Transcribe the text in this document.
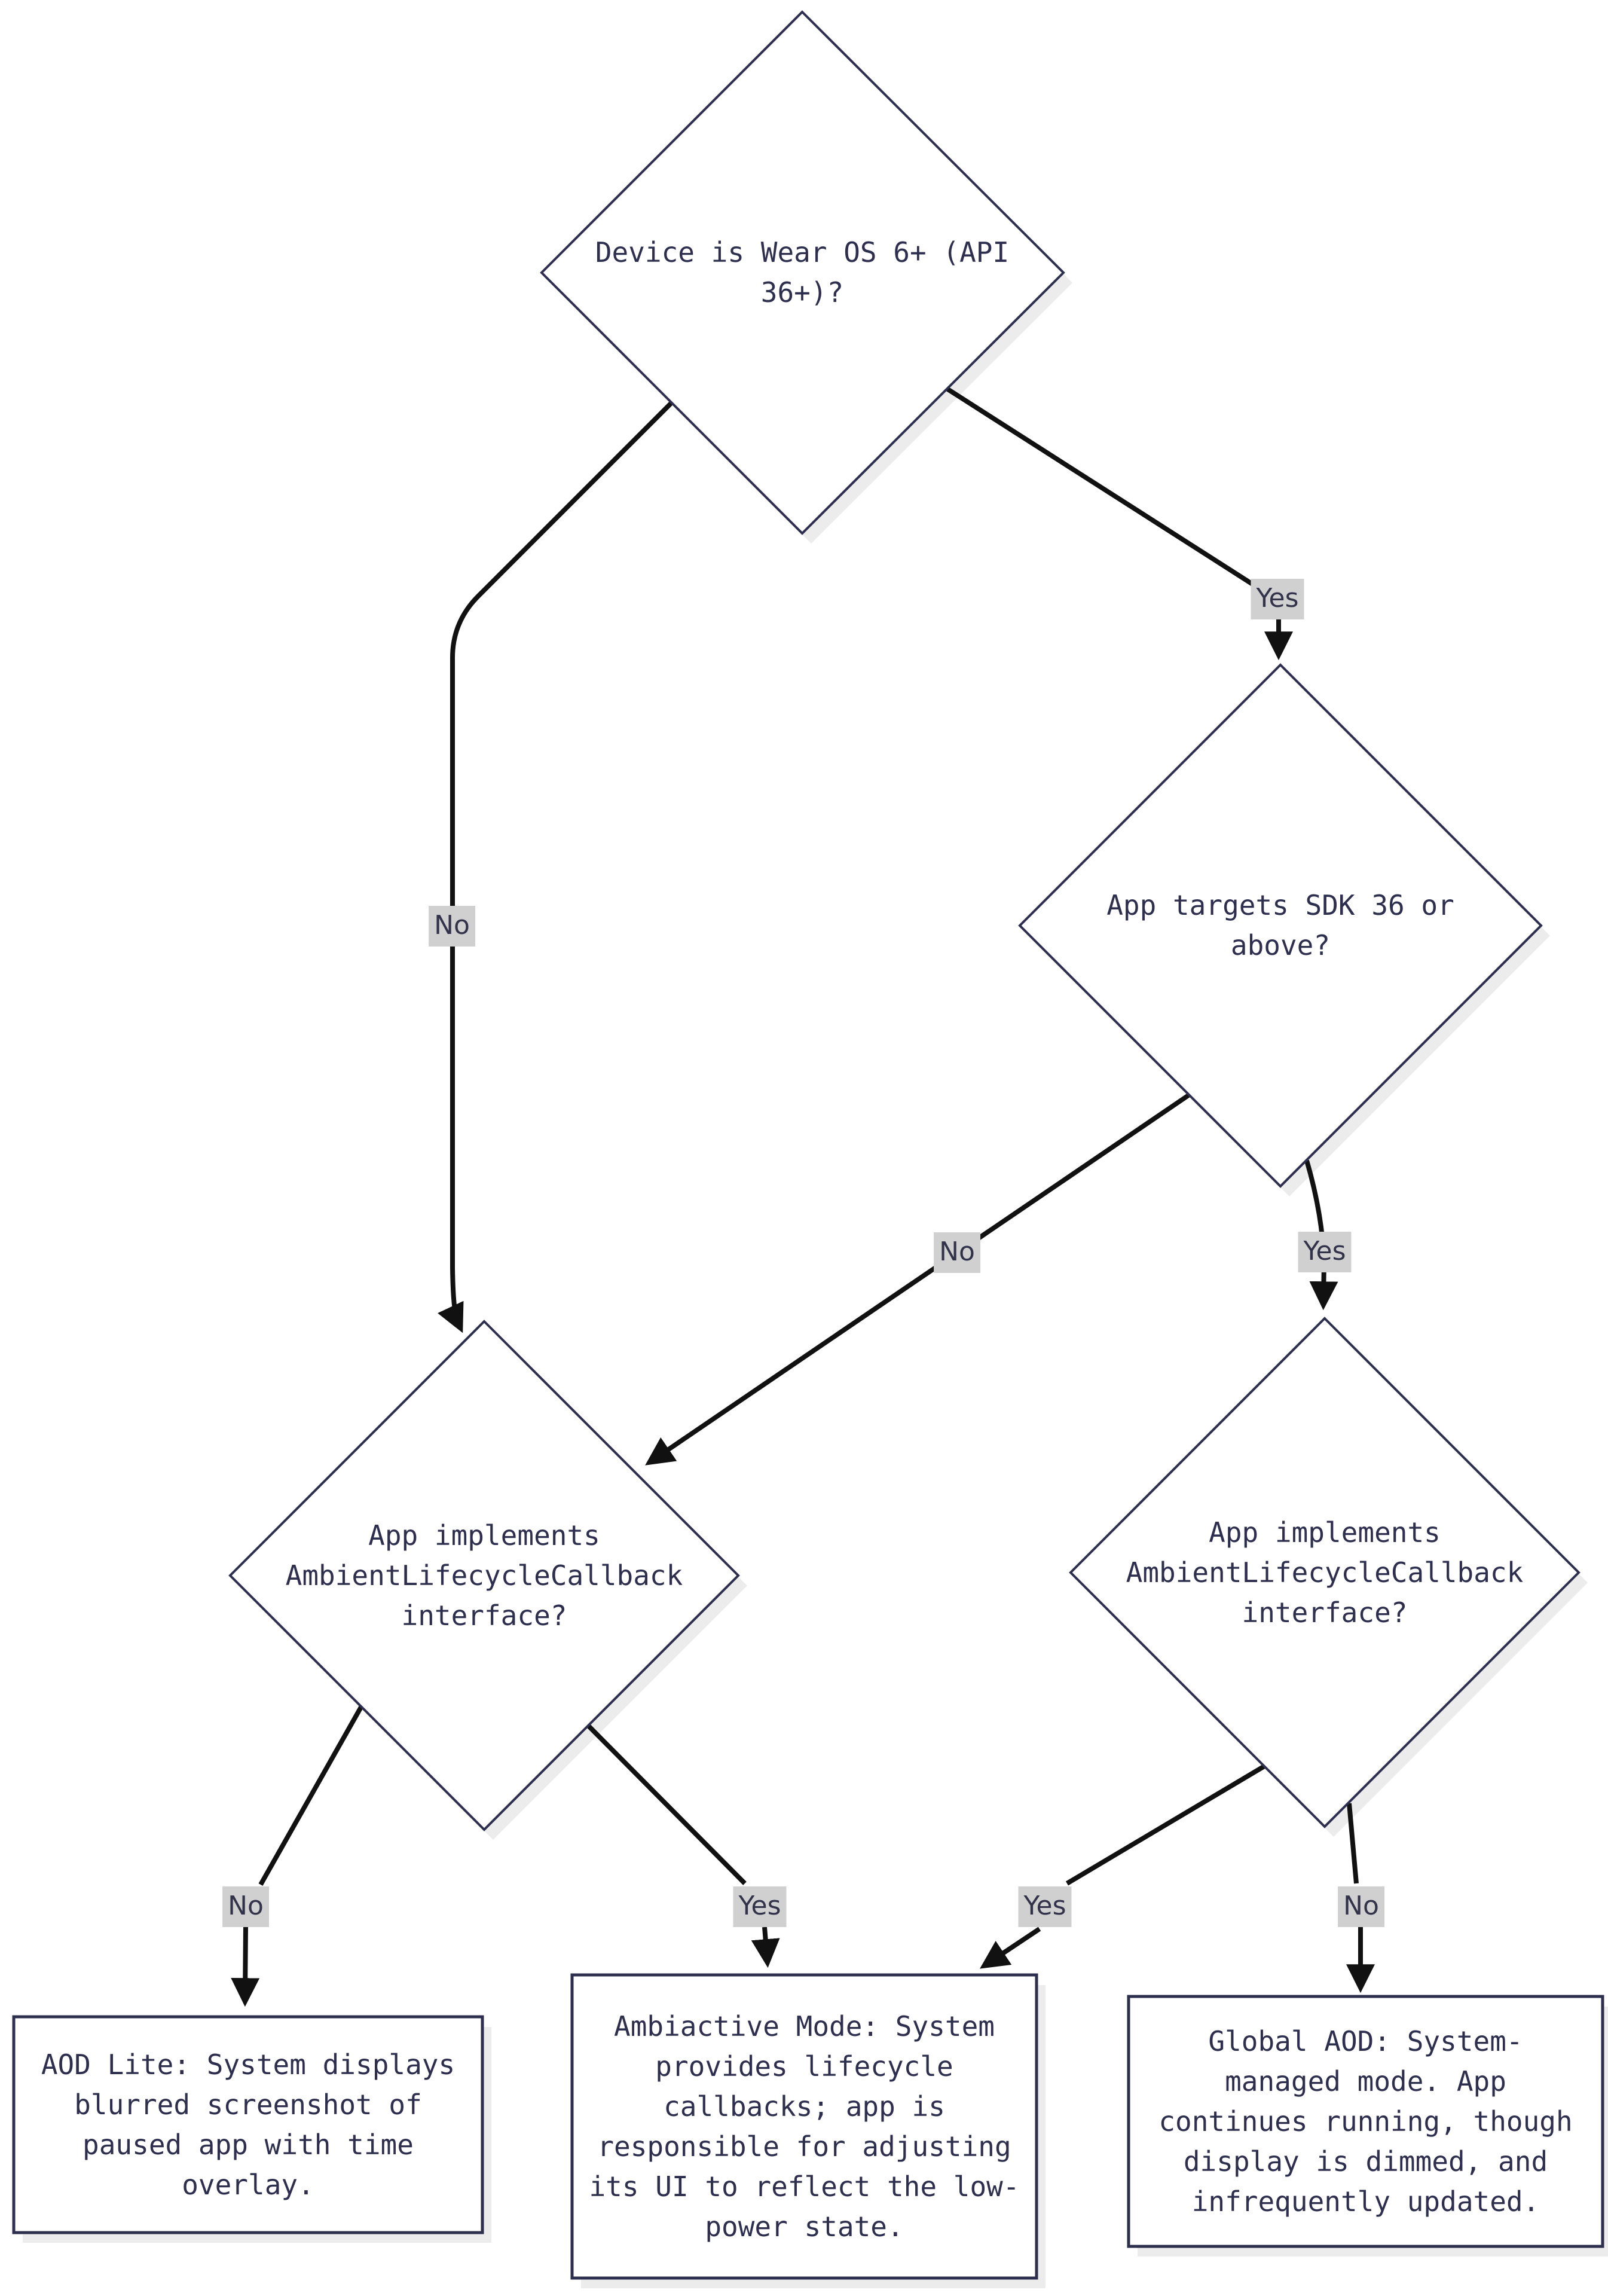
Device is Wear OS 6+ (API 36+)?
App targets SDK 36 or above?
App implements AmbientLifecycleCallback interface?
App implements AmbientLifecycleCallback interface?
AOD Lite: System displays blurred screenshot of paused app with time overlay.
Ambiactive Mode: System provides lifecycle callbacks; app is responsible for adjusting its UI to reflect the low-power state.
Global AOD: System-managed mode. App continues running, though display is dimmed, and infrequently updated.
Yes
No
No	Yes
No	Yes	Yes	No
